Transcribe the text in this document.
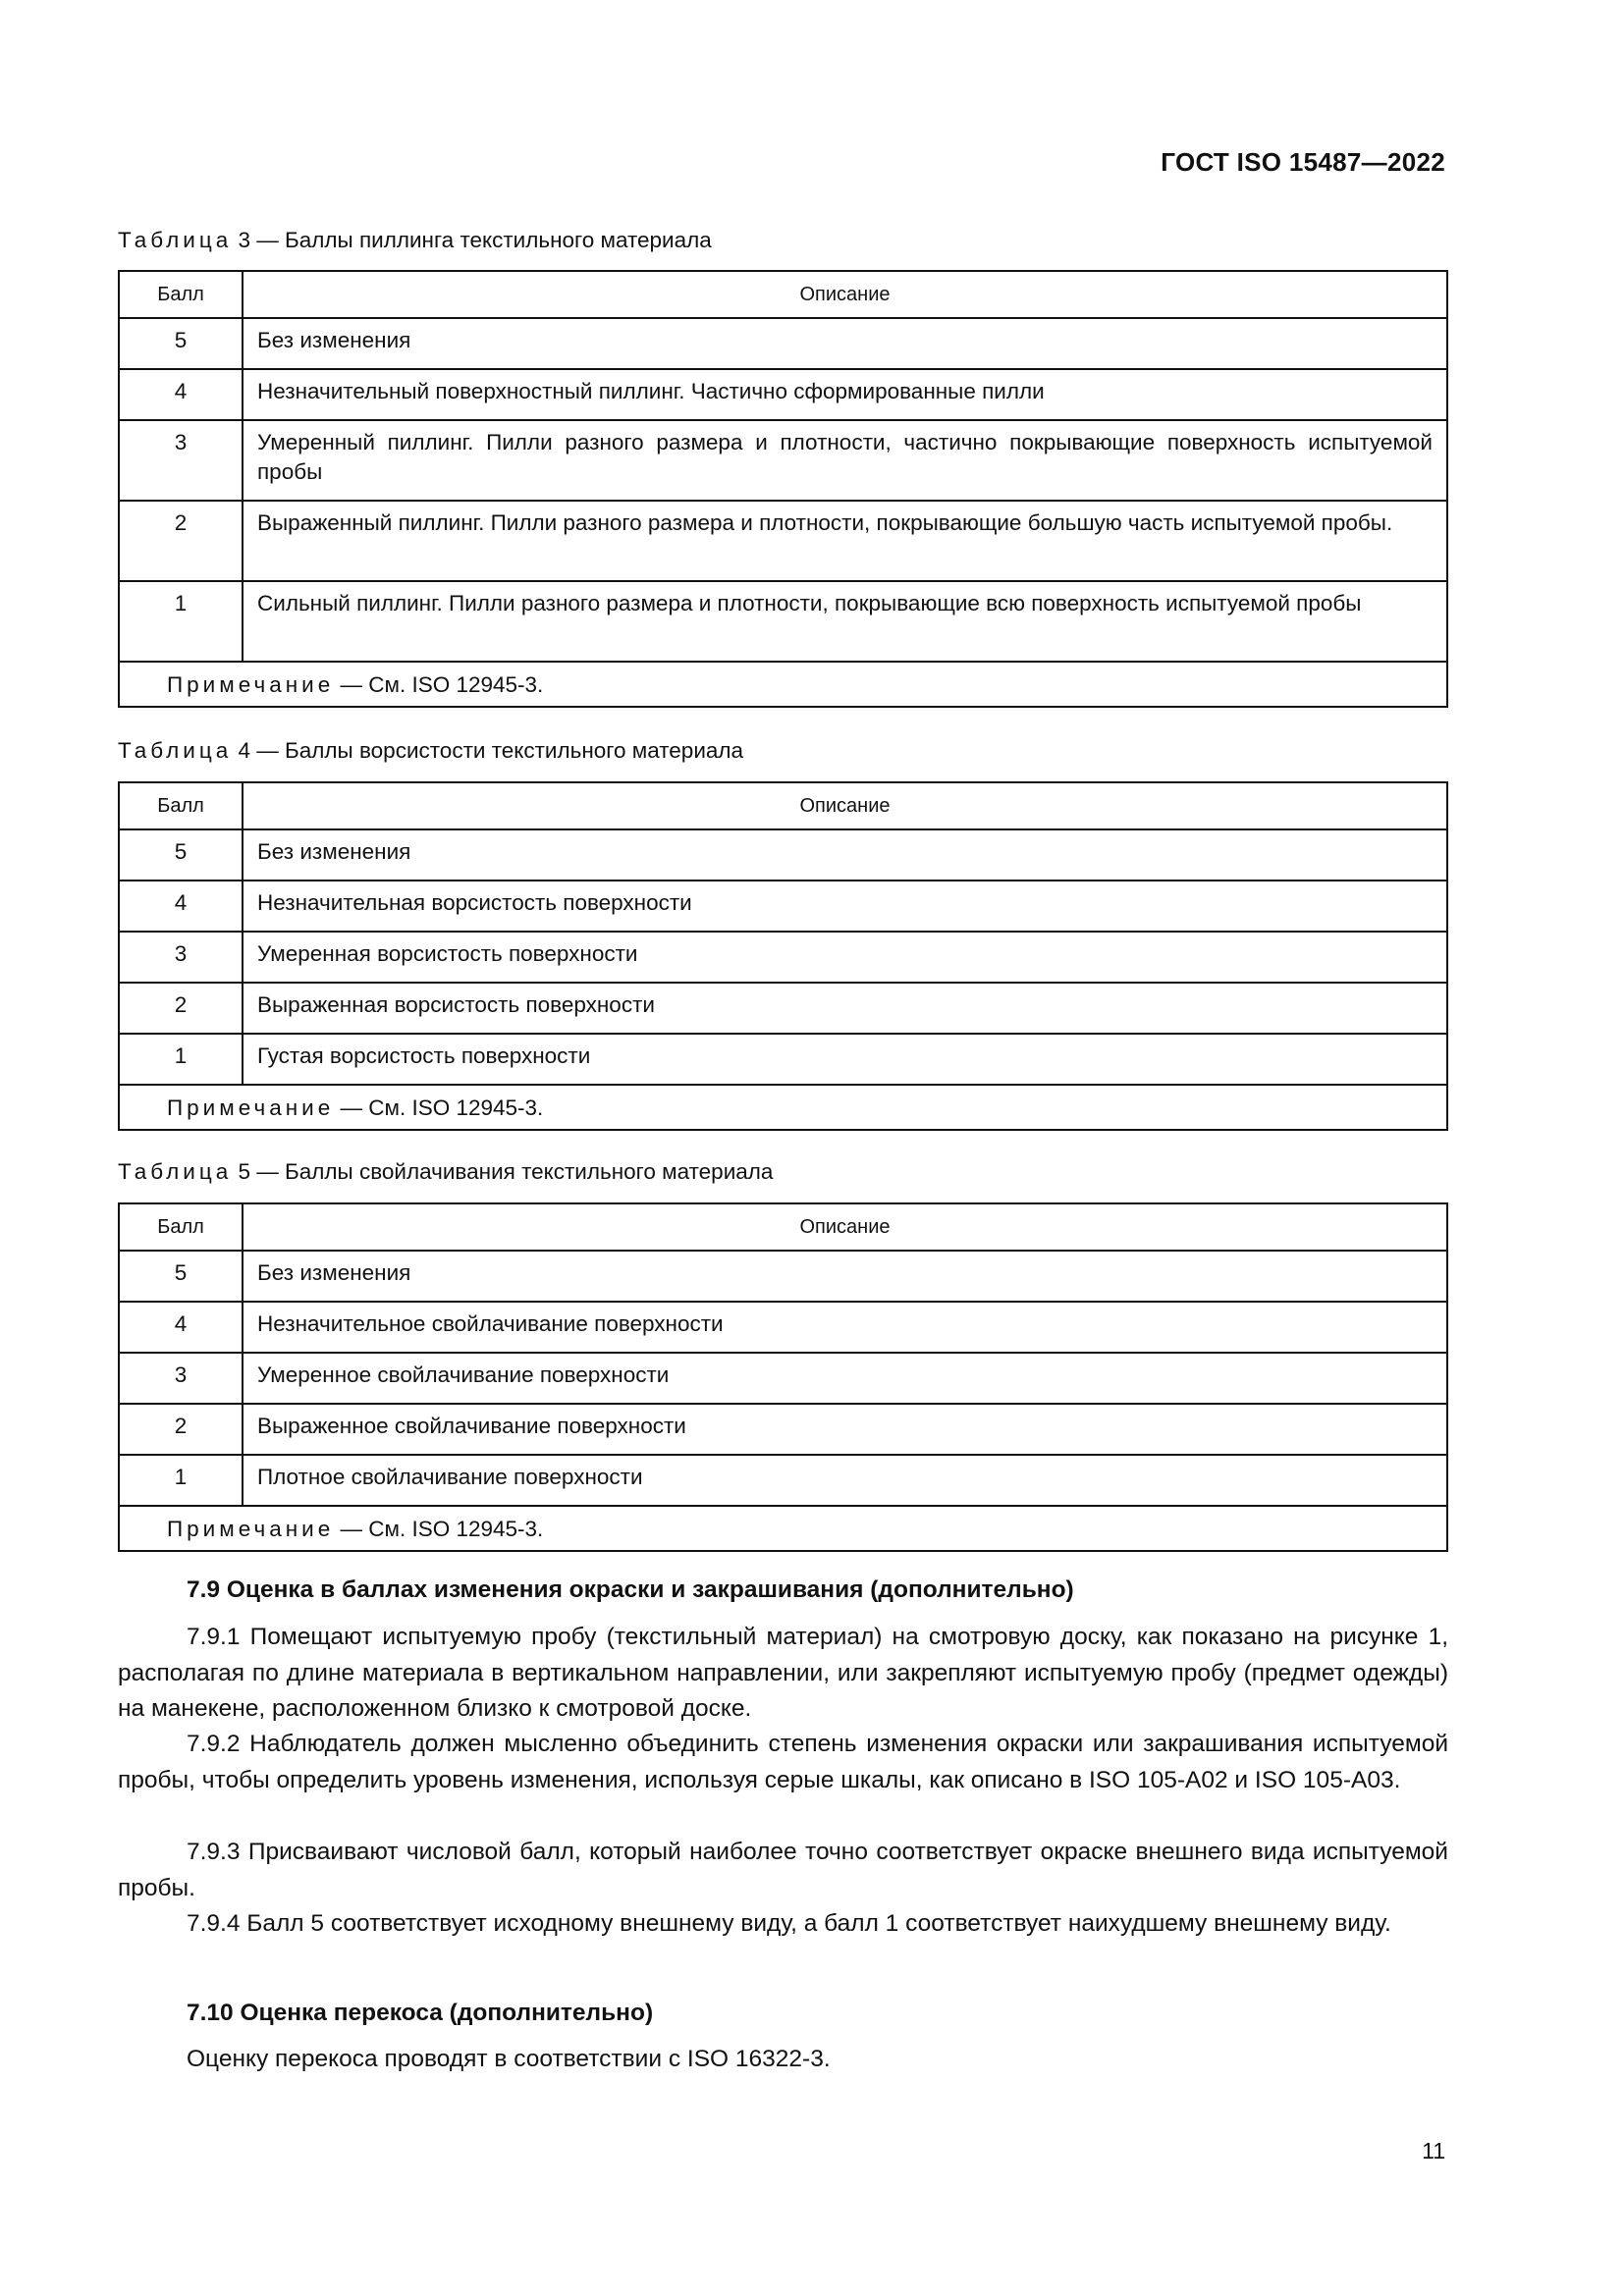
ГОСТ ISO 15487—2022
Таблица 3 — Баллы пиллинга текстильного материала
Балл	Описание
5	Без изменения
4	Незначительный поверхностный пиллинг. Частично сформированные пилли
3	Умеренный пиллинг. Пилли разного размера и плотности, частично покрывающие поверхность испытуемой пробы
2	Выраженный пиллинг. Пилли разного размера и плотности, покрывающие большую часть испытуемой пробы.
1	Сильный пиллинг. Пилли разного размера и плотности, покрывающие всю поверхность испытуемой пробы
Примечание — См. ISO 12945-3.	
Таблица 4 — Баллы ворсистости текстильного материала
Балл	Описание
5	Без изменения
4	Незначительная ворсистость поверхности
3	Умеренная ворсистость поверхности
2	Выраженная ворсистость поверхности
1	Густая ворсистость поверхности
Примечание — См. ISO 12945-3.	
Таблица 5 — Баллы свойлачивания текстильного материала
Балл	Описание
5	Без изменения
4	Незначительное свойлачивание поверхности
3	Умеренное свойлачивание поверхности
2	Выраженное свойлачивание поверхности
1	Плотное свойлачивание поверхности
Примечание — См. ISO 12945-3.	
7.9 Оценка в баллах изменения окраски и закрашивания (дополнительно)

7.9.1 Помещают испытуемую пробу (текстильный материал) на смотровую доску, как показано на рисунке 1, располагая по длине материала в вертикальном направлении, или закрепляют испытуемую пробу (предмет одежды) на манекене, расположенном близко к смотровой доске.

7.9.2 Наблюдатель должен мысленно объединить степень изменения окраски или закрашивания испытуемой пробы, чтобы определить уровень изменения, используя серые шкалы, как описано в ISO 105-A02 и ISO 105-A03.

7.9.3 Присваивают числовой балл, который наиболее точно соответствует окраске внешнего вида испытуемой пробы.

7.9.4 Балл 5 соответствует исходному внешнему виду, а балл 1 соответствует наихудшему внешнему виду.

7.10 Оценка перекоса (дополнительно)

Оценку перекоса проводят в соответствии с ISO 16322-3.

11
